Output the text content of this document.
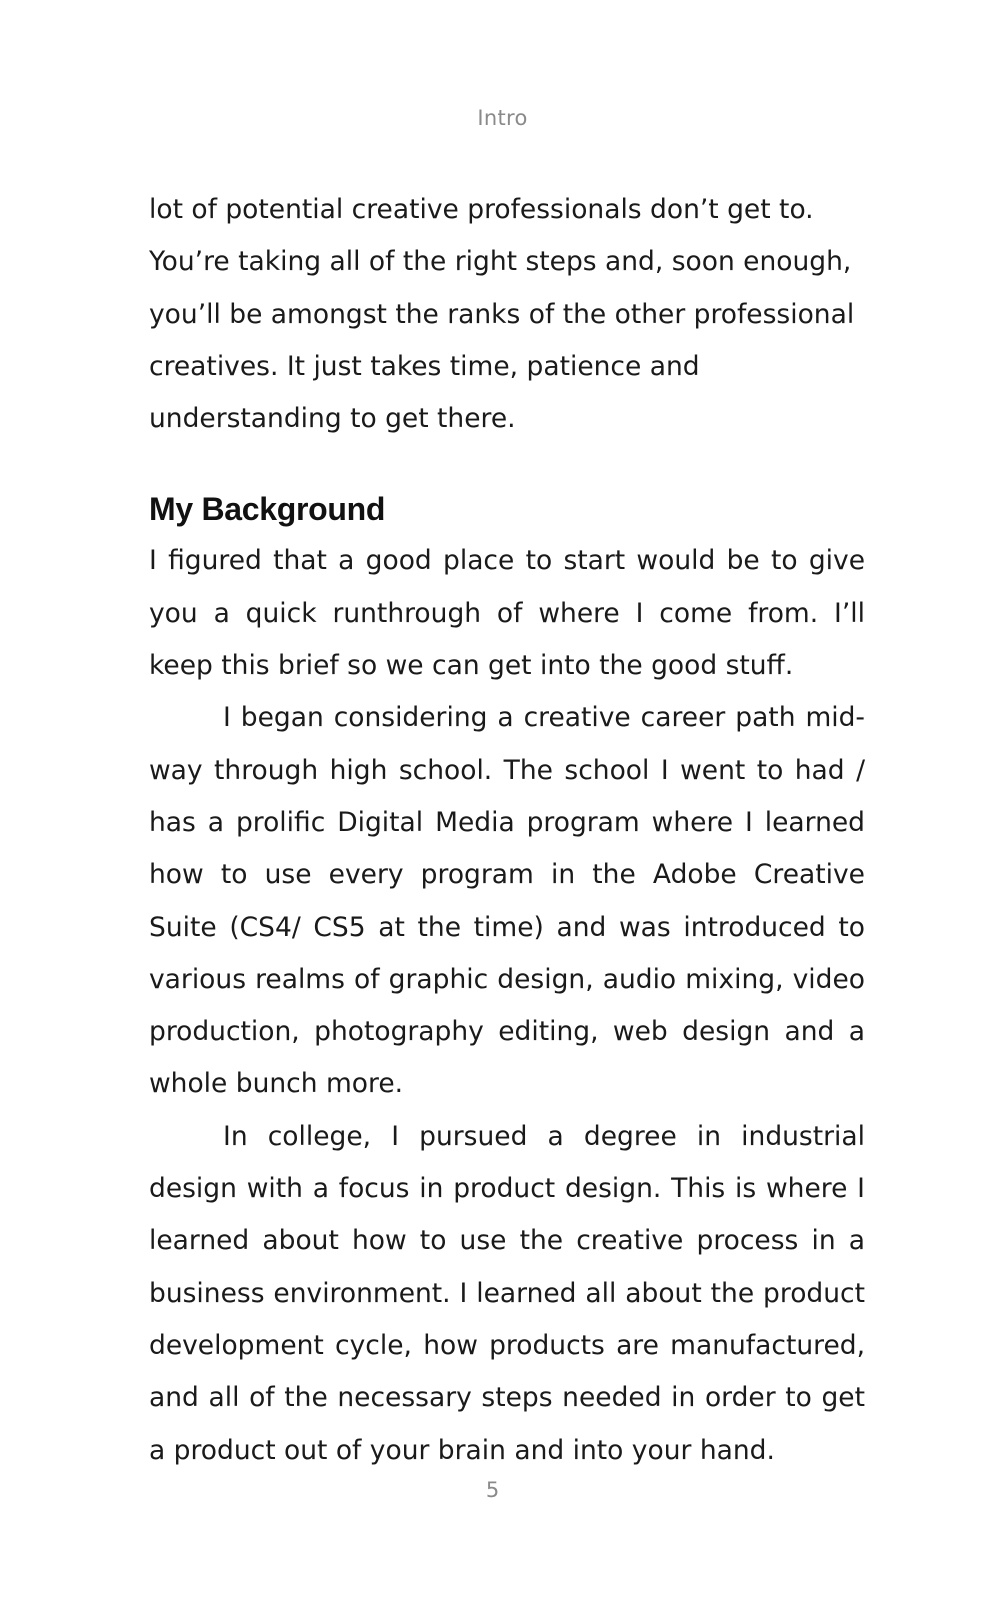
Intro

lot of potential creative professionals don’t get to. You’re taking all of the right steps and, soon enough, you’ll be amongst the ranks of the other professional creatives. It just takes time, patience and understanding to get there.

My Background

I figured that a good place to start would be to give you a quick runthrough of where I come from. I’ll keep this brief so we can get into the good stuff.

I began considering a creative career path mid-way through high school. The school I went to had / has a prolific Digital Media program where I learned how to use every program in the Adobe Creative Suite (CS4/ CS5 at the time) and was introduced to various realms of graphic design, audio mixing, video production, photography editing, web design and a whole bunch more.

In college, I pursued a degree in industrial design with a focus in product design. This is where I learned about how to use the creative process in a business environment. I learned all about the product development cycle, how products are manufactured, and all of the necessary steps needed in order to get a product out of your brain and into your hand.

5
